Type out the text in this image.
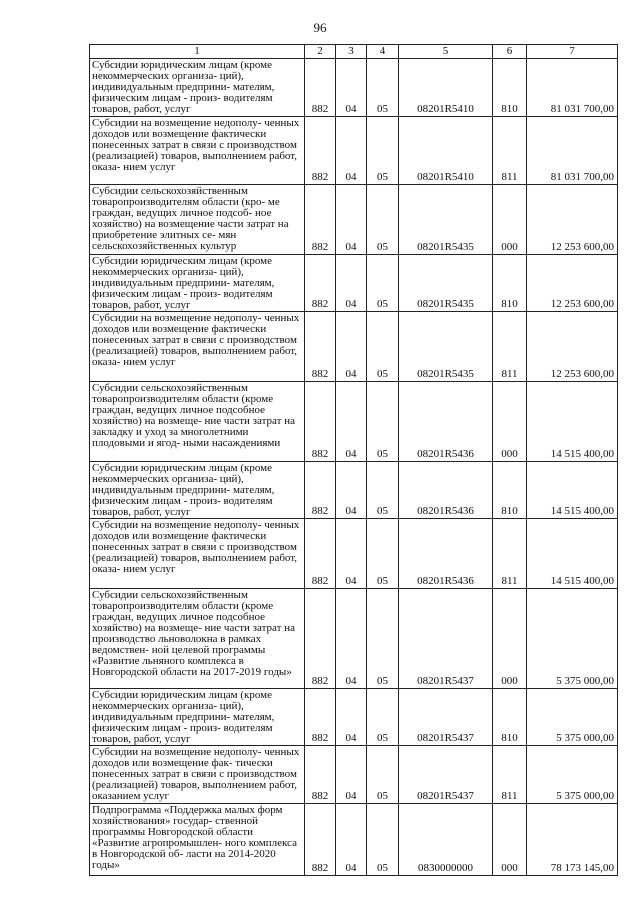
96
1	2	3	4	5	6	7
Субсидии юридическим лицам (кроме некоммерческих организа- ций), индивидуальным предприни- мателям, физическим лицам - произ- водителям товаров, работ, услуг	882	04	05	08201R5410	810	81 031 700,00
Субсидии на возмещение недополу- ченных доходов или возмещение фактически понесенных затрат в связи с производством (реализацией) товаров, выполнением работ, оказа- нием услуг	882	04	05	08201R5410	811	81 031 700,00
Субсидии сельскохозяйственным товаропроизводителям области (кро- ме граждан, ведущих личное подсоб- ное хозяйство) на возмещение части затрат на приобретение элитных се- мян сельскохозяйственных культур	882	04	05	08201R5435	000	12 253 600,00
Субсидии юридическим лицам (кроме некоммерческих организа- ций), индивидуальным предприни- мателям, физическим лицам - произ- водителям товаров, работ, услуг	882	04	05	08201R5435	810	12 253 600,00
Субсидии на возмещение недополу- ченных доходов или возмещение фактически понесенных затрат в связи с производством (реализацией) товаров, выполнением работ, оказа- нием услуг	882	04	05	08201R5435	811	12 253 600,00
Субсидии сельскохозяйственным товаропроизводителям области (кроме граждан, ведущих личное подсобное хозяйство) на возмеще- ние части затрат на закладку и уход за многолетними плодовыми и ягод- ными насаждениями	882	04	05	08201R5436	000	14 515 400,00
Субсидии юридическим лицам (кроме некоммерческих организа- ций), индивидуальным предприни- мателям, физическим лицам - произ- водителям товаров, работ, услуг	882	04	05	08201R5436	810	14 515 400,00
Субсидии на возмещение недополу- ченных доходов или возмещение фактически понесенных затрат в связи с производством (реализацией) товаров, выполнением работ, оказа- нием услуг	882	04	05	08201R5436	811	14 515 400,00
Субсидии сельскохозяйственным товаропроизводителям области (кроме граждан, ведущих личное подсобное хозяйство) на возмеще- ние части затрат на производство льноволокна в рамках ведомствен- ной целевой программы «Развитие льняного комплекса в Новгородской области на 2017-2019 годы»	882	04	05	08201R5437	000	5 375 000,00
Субсидии юридическим лицам (кроме некоммерческих организа- ций), индивидуальным предприни- мателям, физическим лицам - произ- водителям товаров, работ, услуг	882	04	05	08201R5437	810	5 375 000,00
Субсидии на возмещение недополу- ченных доходов или возмещение фак- тически понесенных затрат в связи с производством (реализацией) товаров, выполнением работ, оказанием услуг	882	04	05	08201R5437	811	5 375 000,00
Подпрограмма «Поддержка малых форм хозяйствования» государ- ственной программы Новгородской области «Развитие агропромышлен- ного комплекса в Новгородской об- ласти на 2014-2020 годы»	882	04	05	0830000000	000	78 173 145,00
